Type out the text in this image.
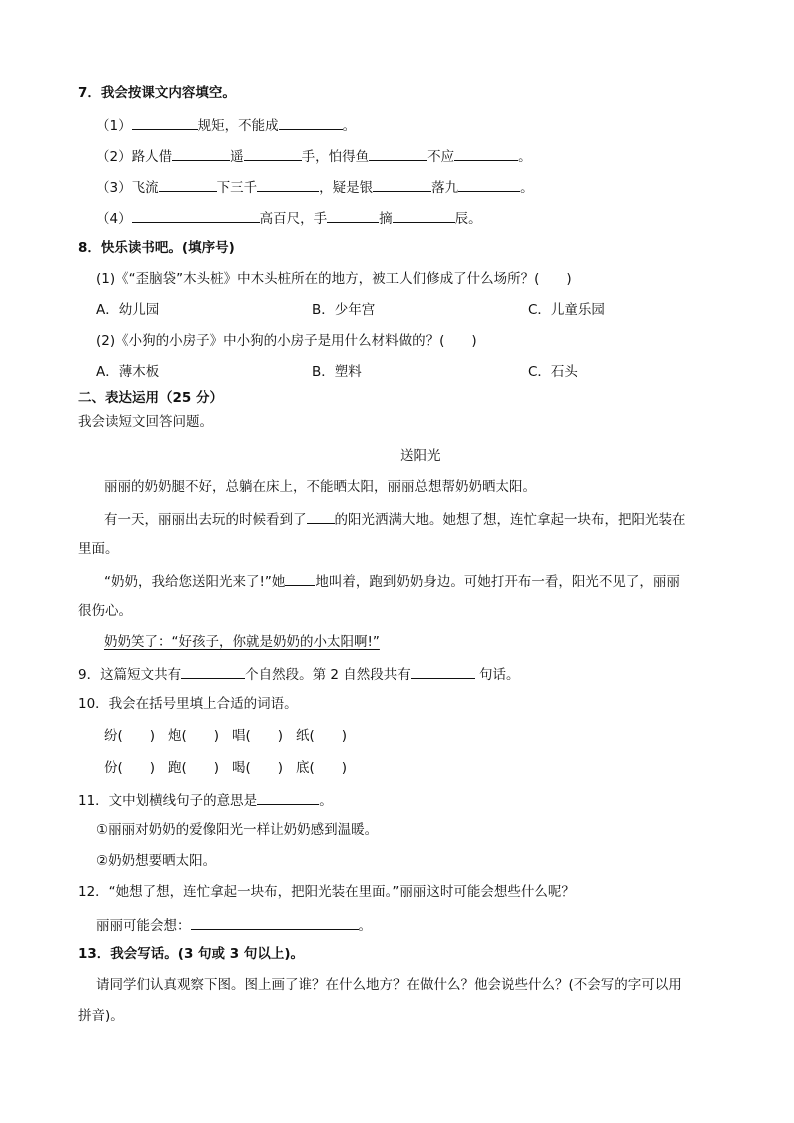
7．我会按课文内容填空。
（1）	规矩，不能成	。
（2）路人借	遥	手，怕得鱼	不应	。
（3）飞流	下三千	，疑是银	落九	。
（4）	高百尺，手	摘	辰。
8．快乐读书吧。(填序号)
(1)《“歪脑袋”木头桩》中木头桩所在的地方，被工人们修成了什么场所？(　　)
A．幼儿园	B．少年宫	C．儿童乐园
(2)《小狗的小房子》中小狗的小房子是用什么材料做的？(　　)
A．薄木板	B．塑料	C．石头
二、表达运用（25 分）
我会读短文回答问题。
送阳光
丽丽的奶奶腿不好，总躺在床上，不能晒太阳，丽丽总想帮奶奶晒太阳。
有一天，丽丽出去玩的时候看到了 的阳光洒满大地。她想了想，连忙拿起一块布，把阳光装在
里面。
“奶奶，我给您送阳光来了!”她 地叫着，跑到奶奶身边。可她打开布一看，阳光不见了，丽丽
很伤心。
奶奶笑了：“好孩子，你就是奶奶的小太阳啊!”
9．这篇短文共有	个自然段。第 2 自然段共有	句话。
10．我会在括号里填上合适的词语。
纷(　　) 炮(　　) 唱(　　) 纸(　　)
份(　　) 跑(　　) 喝(　　) 底(　　)
11．文中划横线句子的意思是	。
①丽丽对奶奶的爱像阳光一样让奶奶感到温暖。
②奶奶想要晒太阳。
12．“她想了想，连忙拿起一块布，把阳光装在里面。”丽丽这时可能会想些什么呢？
丽丽可能会想：	。
13．我会写话。(3 句或 3 句以上)。
请同学们认真观察下图。图上画了谁？在什么地方？在做什么？他会说些什么？(不会写的字可以用
拼音)。
